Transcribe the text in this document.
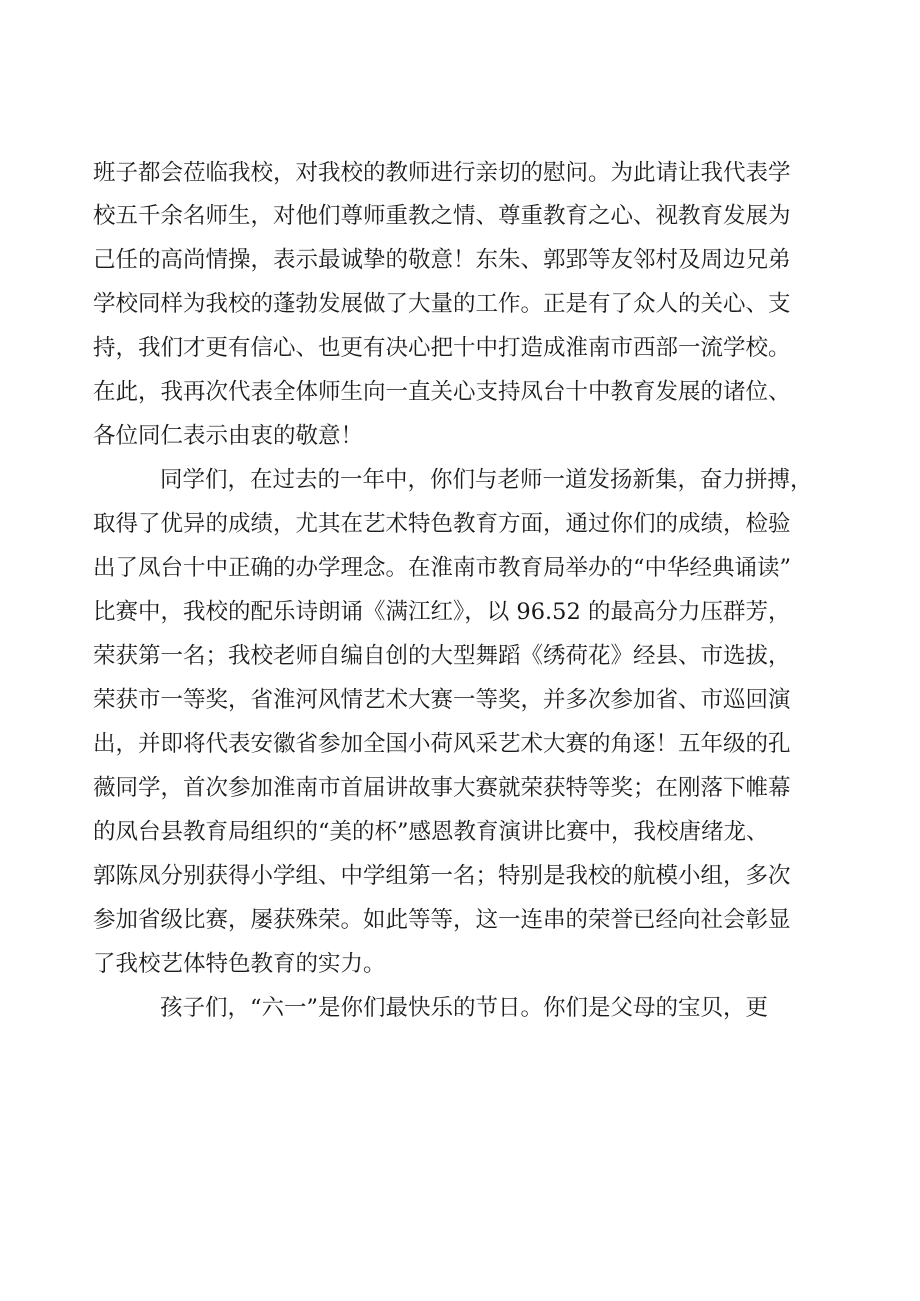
班子都会莅临我校，对我校的教师进行亲切的慰问。为此请让我代表学
校五千余名师生，对他们尊师重教之情、尊重教育之心、视教育发展为
己任的高尚情操，表示最诚挚的敬意！东朱、郭郢等友邻村及周边兄弟
学校同样为我校的蓬勃发展做了大量的工作。正是有了众人的关心、支
持，我们才更有信心、也更有决心把十中打造成淮南市西部一流学校。
在此，我再次代表全体师生向一直关心支持凤台十中教育发展的诸位、
各位同仁表示由衷的敬意！
同学们，在过去的一年中，你们与老师一道发扬新集，奋力拼搏，
取得了优异的成绩，尤其在艺术特色教育方面，通过你们的成绩，检验
出了凤台十中正确的办学理念。在淮南市教育局举办的“中华经典诵读”
比赛中，我校的配乐诗朗诵《满江红》，以 96.52 的最高分力压群芳，
荣获第一名；我校老师自编自创的大型舞蹈《绣荷花》经县、市选拔，
荣获市一等奖，省淮河风情艺术大赛一等奖，并多次参加省、市巡回演
出，并即将代表安徽省参加全国小荷风采艺术大赛的角逐！五年级的孔
薇同学，首次参加淮南市首届讲故事大赛就荣获特等奖；在刚落下帷幕
的凤台县教育局组织的“美的杯”感恩教育演讲比赛中，我校唐绪龙、
郭陈凤分别获得小学组、中学组第一名；特别是我校的航模小组，多次
参加省级比赛，屡获殊荣。如此等等，这一连串的荣誉已经向社会彰显
了我校艺体特色教育的实力。
孩子们，“六一”是你们最快乐的节日。你们是父母的宝贝，更
